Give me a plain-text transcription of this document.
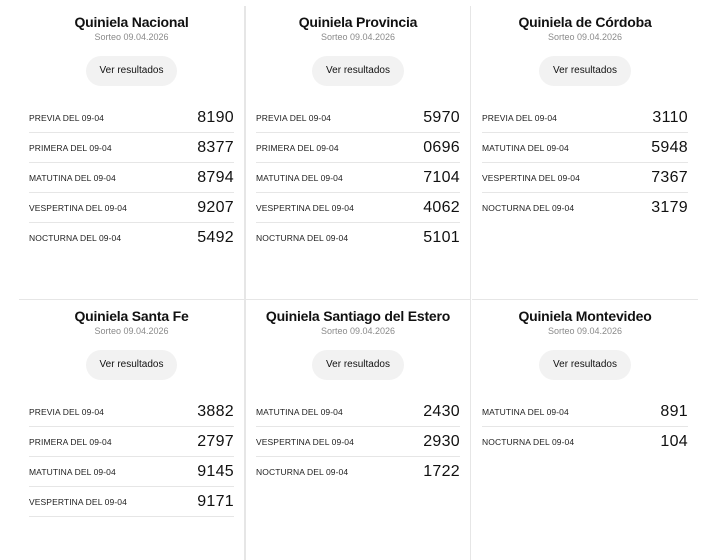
Quiniela Nacional
Sorteo 09.04.2026
Ver resultados
PREVIA DEL 09-04	8190
PRIMERA DEL 09-04	8377
MATUTINA DEL 09-04	8794
VESPERTINA DEL 09-04	9207
NOCTURNA DEL 09-04	5492
Quiniela Provincia
Sorteo 09.04.2026
Ver resultados
PREVIA DEL 09-04	5970
PRIMERA DEL 09-04	0696
MATUTINA DEL 09-04	7104
VESPERTINA DEL 09-04	4062
NOCTURNA DEL 09-04	5101
Quiniela de Córdoba
Sorteo 09.04.2026
Ver resultados
PREVIA DEL 09-04	3110
MATUTINA DEL 09-04	5948
VESPERTINA DEL 09-04	7367
NOCTURNA DEL 09-04	3179
Quiniela Santa Fe
Sorteo 09.04.2026
Ver resultados
PREVIA DEL 09-04	3882
PRIMERA DEL 09-04	2797
MATUTINA DEL 09-04	9145
VESPERTINA DEL 09-04	9171
Quiniela Santiago del Estero
Sorteo 09.04.2026
Ver resultados
MATUTINA DEL 09-04	2430
VESPERTINA DEL 09-04	2930
NOCTURNA DEL 09-04	1722
Quiniela Montevideo
Sorteo 09.04.2026
Ver resultados
MATUTINA DEL 09-04	891
NOCTURNA DEL 09-04	104
